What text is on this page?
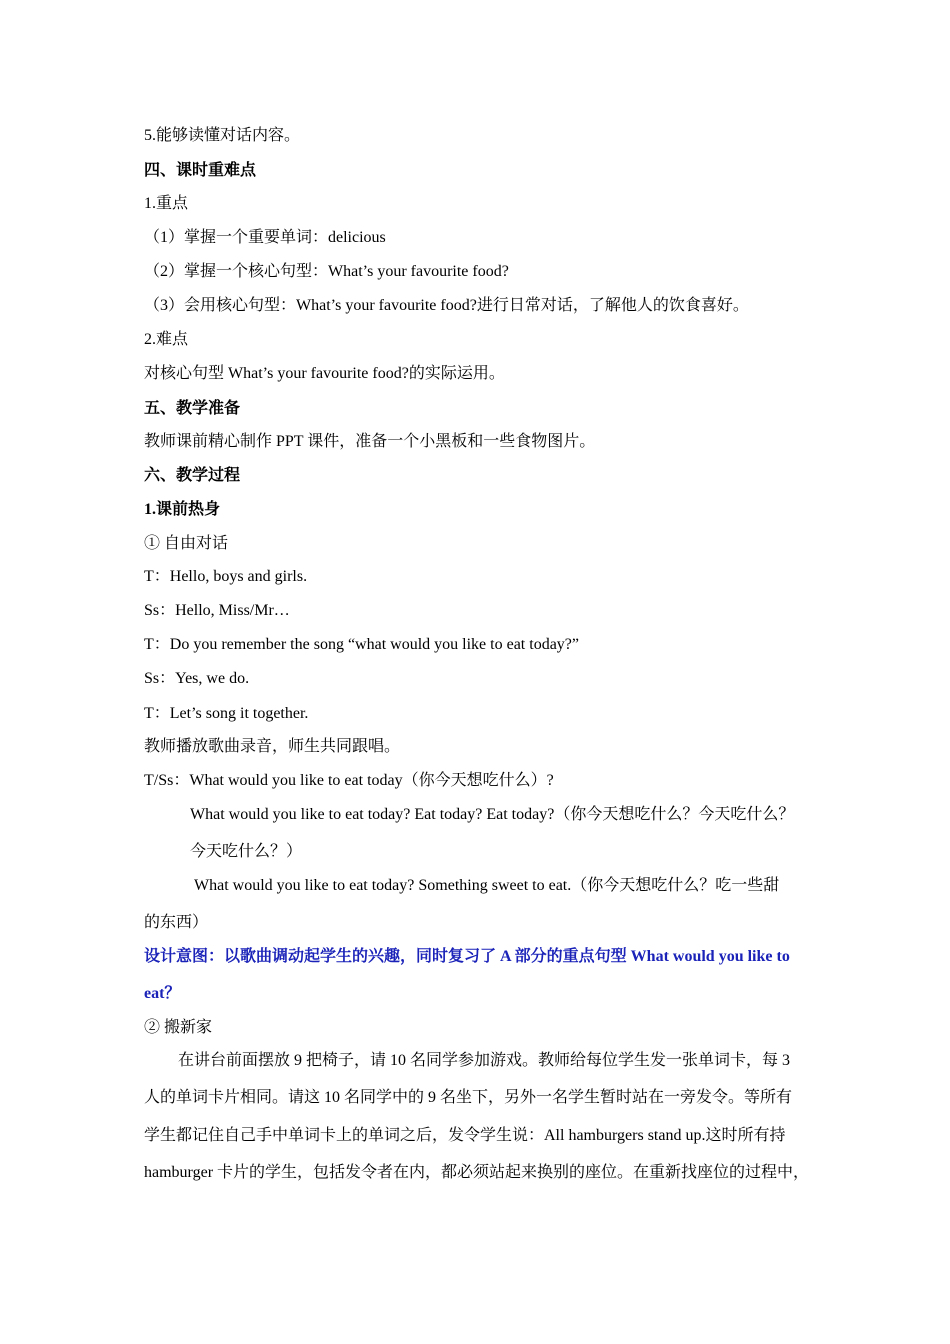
5.能够读懂对话内容。
四、课时重难点
1.重点
（1）掌握一个重要单词：delicious
（2）掌握一个核心句型：What’s your favourite food?
（3）会用核心句型：What’s your favourite food?进行日常对话，了解他人的饮食喜好。
2.难点
对核心句型 What’s your favourite food?的实际运用。
五、教学准备
教师课前精心制作 PPT 课件，准备一个小黑板和一些食物图片。
六、教学过程
1.课前热身
① 自由对话
T：Hello, boys and girls.
Ss：Hello, Miss/Mr…
T：Do you remember the song “what would you like to eat today?”
Ss：Yes, we do.
T：Let’s song it together.
教师播放歌曲录音，师生共同跟唱。
T/Ss：What would you like to eat today（你今天想吃什么）?
What would you like to eat today? Eat today? Eat today?（你今天想吃什么？今天吃什么？
今天吃什么？）
What would you like to eat today? Something sweet to eat.（你今天想吃什么？吃一些甜
的东西）
设计意图：以歌曲调动起学生的兴趣，同时复习了 A 部分的重点句型 What would you like to
eat？
② 搬新家
在讲台前面摆放 9 把椅子，请 10 名同学参加游戏。教师给每位学生发一张单词卡，每 3
人的单词卡片相同。请这 10 名同学中的 9 名坐下，另外一名学生暂时站在一旁发令。等所有
学生都记住自己手中单词卡上的单词之后，发令学生说：All hamburgers stand up.这时所有持
hamburger 卡片的学生，包括发令者在内，都必须站起来换别的座位。在重新找座位的过程中，
